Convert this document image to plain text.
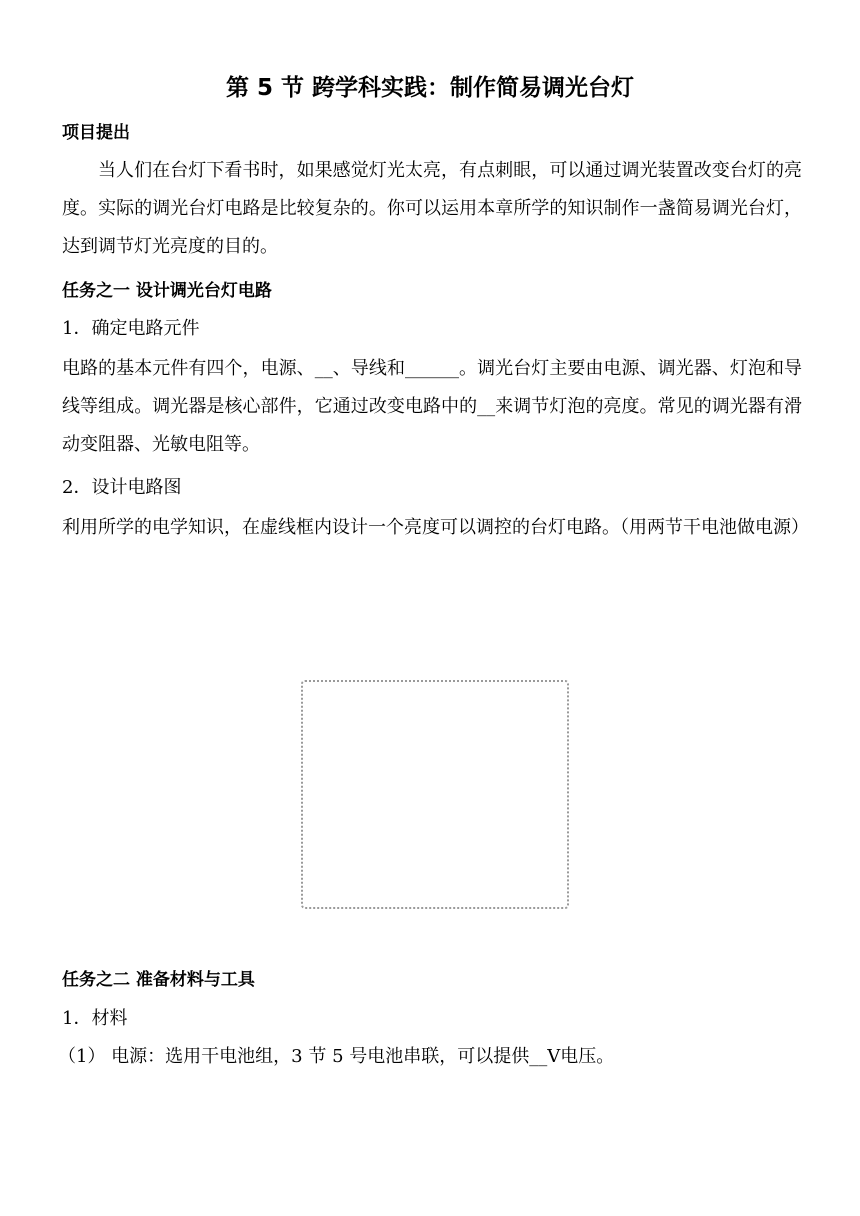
第 5 节 跨学科实践：制作简易调光台灯
项目提出

当人们在台灯下看书时，如果感觉灯光太亮，有点刺眼，可以通过调光装置改变台灯的亮度。实际的调光台灯电路是比较复杂的。你可以运用本章所学的知识制作一盏简易调光台灯，达到调节灯光亮度的目的。

任务之一 设计调光台灯电路

1．确定电路元件

电路的基本元件有四个，电源、__、导线和______。调光台灯主要由电源、调光器、灯泡和导线等组成。调光器是核心部件，它通过改变电路中的__来调节灯泡的亮度。常见的调光器有滑动变阻器、光敏电阻等。

2．设计电路图

利用所学的电学知识，在虚线框内设计一个亮度可以调控的台灯电路。（用两节干电池做电源）

任务之二 准备材料与工具

1．材料

（1） 电源：选用干电池组，3 节 5 号电池串联，可以提供__V电压。
